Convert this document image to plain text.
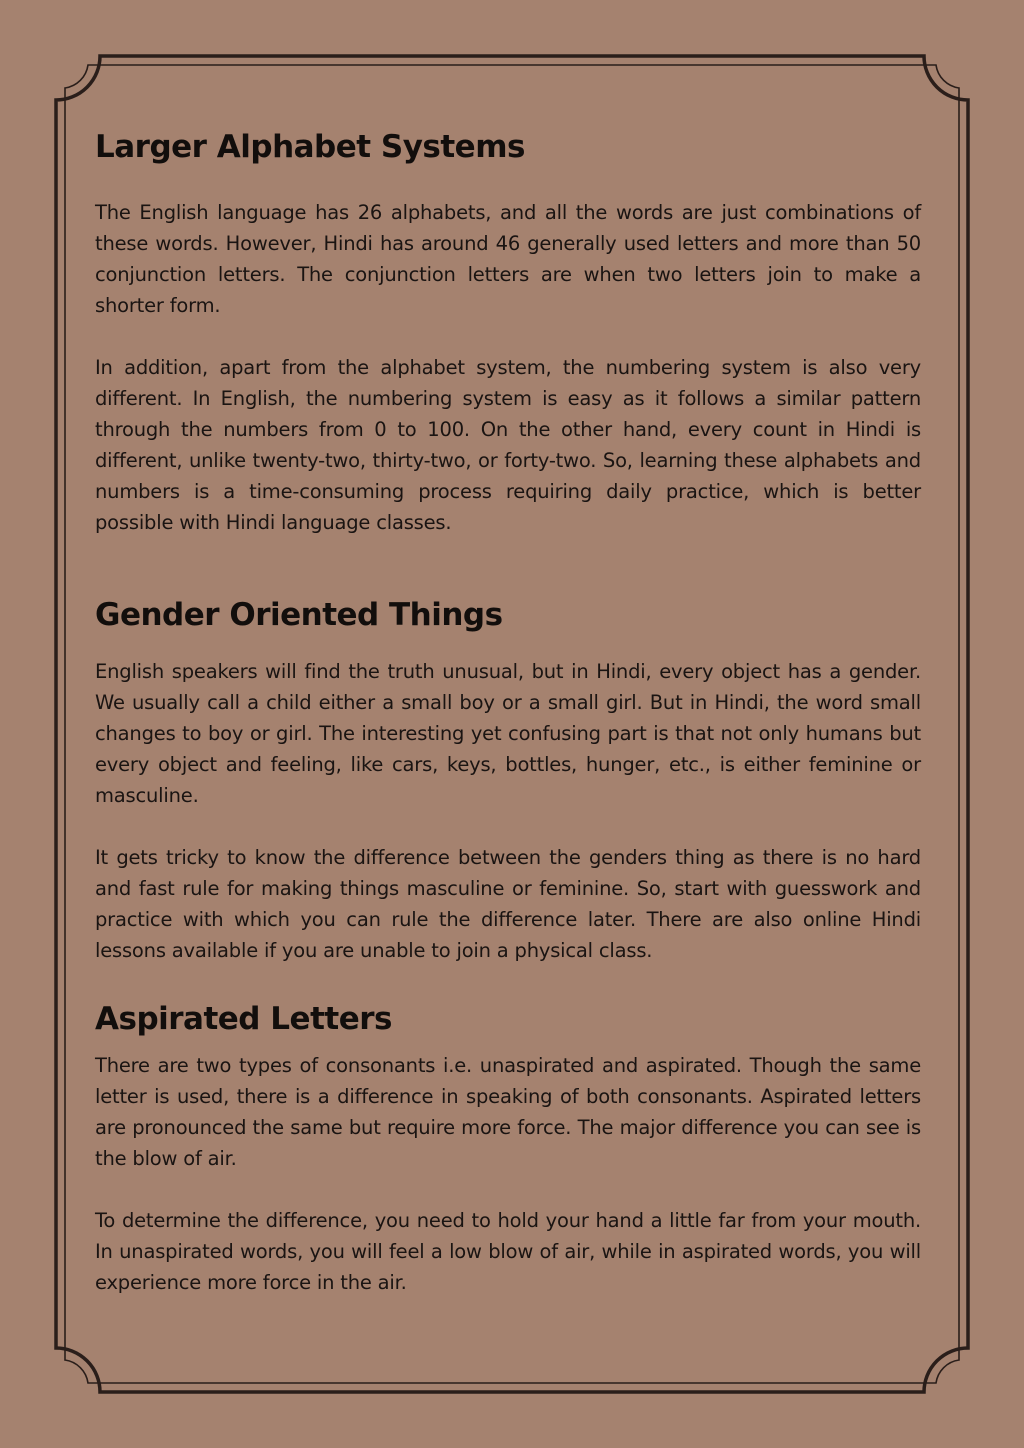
Larger Alphabet Systems

The English language has 26 alphabets, and all the words are just combinations of these words. However, Hindi has around 46 generally used letters and more than 50 conjunction letters. The conjunction letters are when two letters join to make a shorter form.

In addition, apart from the alphabet system, the numbering system is also very different. In English, the numbering system is easy as it follows a similar pattern through the numbers from 0 to 100. On the other hand, every count in Hindi is different, unlike twenty-two, thirty-two, or forty-two. So, learning these alphabets and numbers is a time-consuming process requiring daily practice, which is better possible with Hindi language classes.

Gender Oriented Things

English speakers will find the truth unusual, but in Hindi, every object has a gender. We usually call a child either a small boy or a small girl. But in Hindi, the word small changes to boy or girl. The interesting yet confusing part is that not only humans but every object and feeling, like cars, keys, bottles, hunger, etc., is either feminine or masculine.

It gets tricky to know the difference between the genders thing as there is no hard and fast rule for making things masculine or feminine. So, start with guesswork and practice with which you can rule the difference later. There are also online Hindi lessons available if you are unable to join a physical class.

Aspirated Letters

There are two types of consonants i.e. unaspirated and aspirated. Though the same letter is used, there is a difference in speaking of both consonants. Aspirated letters are pronounced the same but require more force. The major difference you can see is the blow of air.

To determine the difference, you need to hold your hand a little far from your mouth. In unaspirated words, you will feel a low blow of air, while in aspirated words, you will experience more force in the air.
